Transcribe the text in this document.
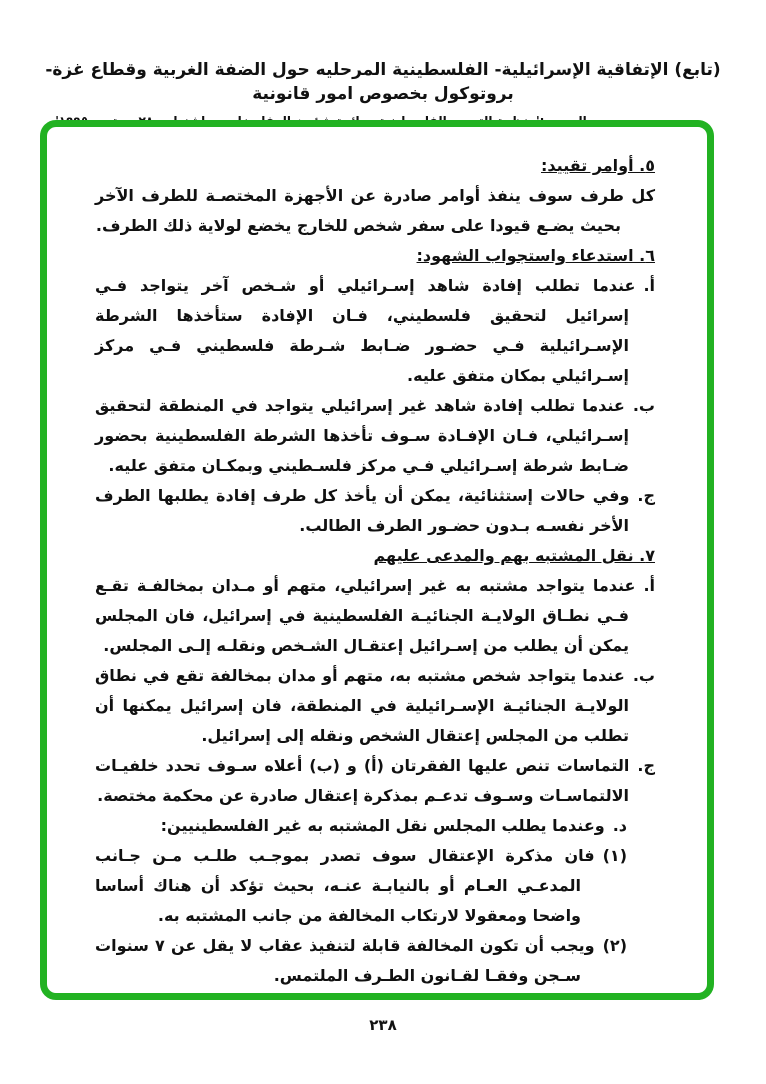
(تابع) الإتفاقية الإسرائيلية- الفلسطينية المرحليه حول الضفة الغربية وقطاع غزة- بروتوكول بخصوص امور قانونية
٥. أوامر تقييد:
كل طرف سوف ينفذ أوامر صادرة عن الأجهزة المختصـة للطرف الآخر بحيث يضـع قيودا على سفر شخص للخارج يخضع لولاية ذلك الطرف.
٦. استدعاء واستجواب الشهود:
أ.عندما تطلب إفادة شاهد إسـرائيلي أو شـخص آخر يتواجد فـي إسرائيل لتحقيق فلسطيني، فـان الإفادة ستأخذها الشرطة الإسـرائيلية فـي حضـور ضـابط شـرطة فلسطيني فـي مركز إسـرائيلي بمكان متفق عليه.
ب.عندما تطلب إفادة شاهد غير إسرائيلي يتواجد في المنطقة لتحقيق إسـرائيلي، فـان الإفـادة سـوف تأخذها الشرطة الفلسطينية بحضور ضـابط شرطة إسـرائيلي فـي مركز فلسـطيني وبمكـان متفق عليه.
ج.وفي حالات إستثنائية، يمكن أن يأخذ كل طرف إفادة يطلبها الطرف الأخر نفسـه بـدون حضـور الطرف الطالب.
٧. نقل المشتبه بهم والمدعى عليهم
أ.عندما يتواجد مشتبه به غير إسرائيلي، متهم أو مـدان بمخالفـة تقـع فـي نطـاق الولايـة الجنائيـة الفلسطينية في إسرائيل، فان المجلس يمكن أن يطلب من إسـرائيل إعتقـال الشـخص ونقلـه إلـى المجلس.
ب.عندما يتواجد شخص مشتبه به، متهم أو مدان بمخالفة تقع في نطاق الولايـة الجنائيـة الإسـرائيلية في المنطقة، فان إسرائيل يمكنها أن تطلب من المجلس إعتقال الشخص ونقله إلى إسرائيل.
ج.التماسات تنص عليها الفقرتان (أ) و (ب) أعلاه سـوف تحدد خلفيـات الالتماسـات وسـوف تدعـم بمذكرة إعتقال صادرة عن محكمة مختصة.
د.وعندما يطلب المجلس نقل المشتبه به غير الفلسطينيين:
(١)فان مذكرة الإعتقال سوف تصدر بموجـب طلـب مـن جـانب المدعـي العـام أو بالنيابـة عنـه، بحيث تؤكد أن هناك أساسا واضحا ومعقولا لارتكاب المخالفة من جانب المشتبه به.
(٢)ويجب أن تكون المخالفة قابلة لتنفيذ عقاب لا يقل عن ٧ سنوات سـجن وفقـا لقـانون الطـرف الملتمس.
٢٣٨
